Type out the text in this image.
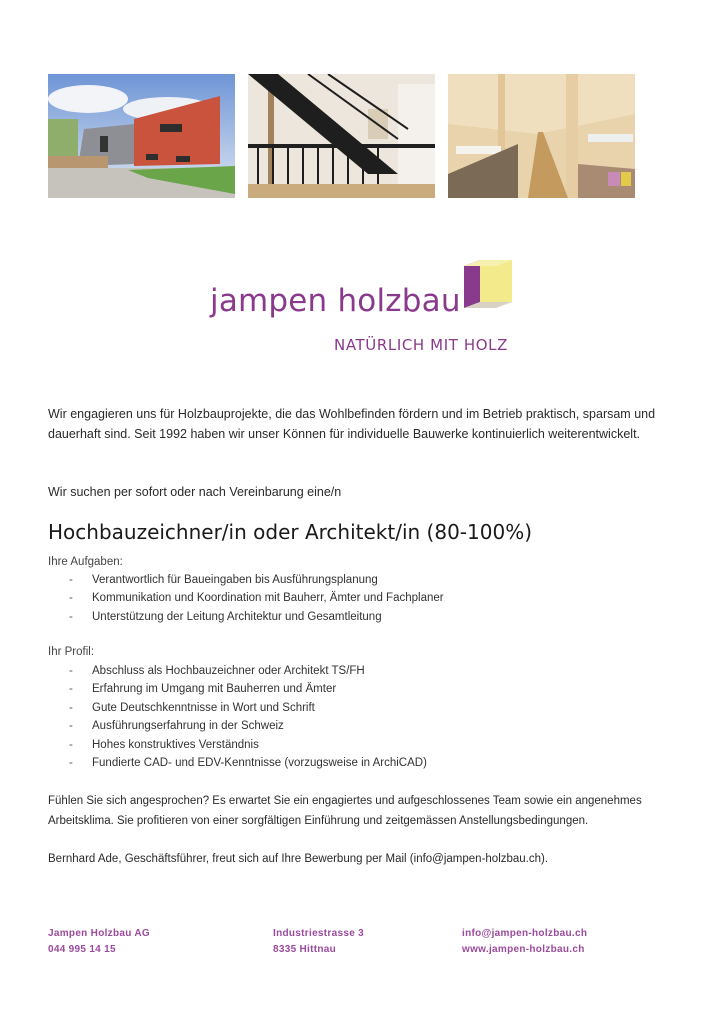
jampen holzbau
NATÜRLICH MIT HOLZ
Wir engagieren uns für Holzbauprojekte, die das Wohlbefinden fördern und im Betrieb praktisch, sparsam und dauerhaft sind. Seit 1992 haben wir unser Können für individuelle Bauwerke kontinuierlich weiterentwickelt.
Wir suchen per sofort oder nach Vereinbarung eine/n
Hochbauzeichner/in oder Architekt/in (80-100%)
Ihre Aufgaben:
- Verantwortlich für Baueingaben bis Ausführungsplanung
- Kommunikation und Koordination mit Bauherr, Ämter und Fachplaner
- Unterstützung der Leitung Architektur und Gesamtleitung
Ihr Profil:
- Abschluss als Hochbauzeichner oder Architekt TS/FH
- Erfahrung im Umgang mit Bauherren und Ämter
- Gute Deutschkenntnisse in Wort und Schrift
- Ausführungserfahrung in der Schweiz
- Hohes konstruktives Verständnis
- Fundierte CAD- und EDV-Kenntnisse (vorzugsweise in ArchiCAD)
Fühlen Sie sich angesprochen? Es erwartet Sie ein engagiertes und aufgeschlossenes Team sowie ein angenehmes Arbeitsklima. Sie profitieren von einer sorgfältigen Einführung und zeitgemässen Anstellungsbedingungen.
Bernhard Ade, Geschäftsführer, freut sich auf Ihre Bewerbung per Mail (info@jampen-holzbau.ch).
Jampen Holzbau AG
044 995 14 15
Industriestrasse 3
8335 Hittnau
info@jampen-holzbau.ch
www.jampen-holzbau.ch
